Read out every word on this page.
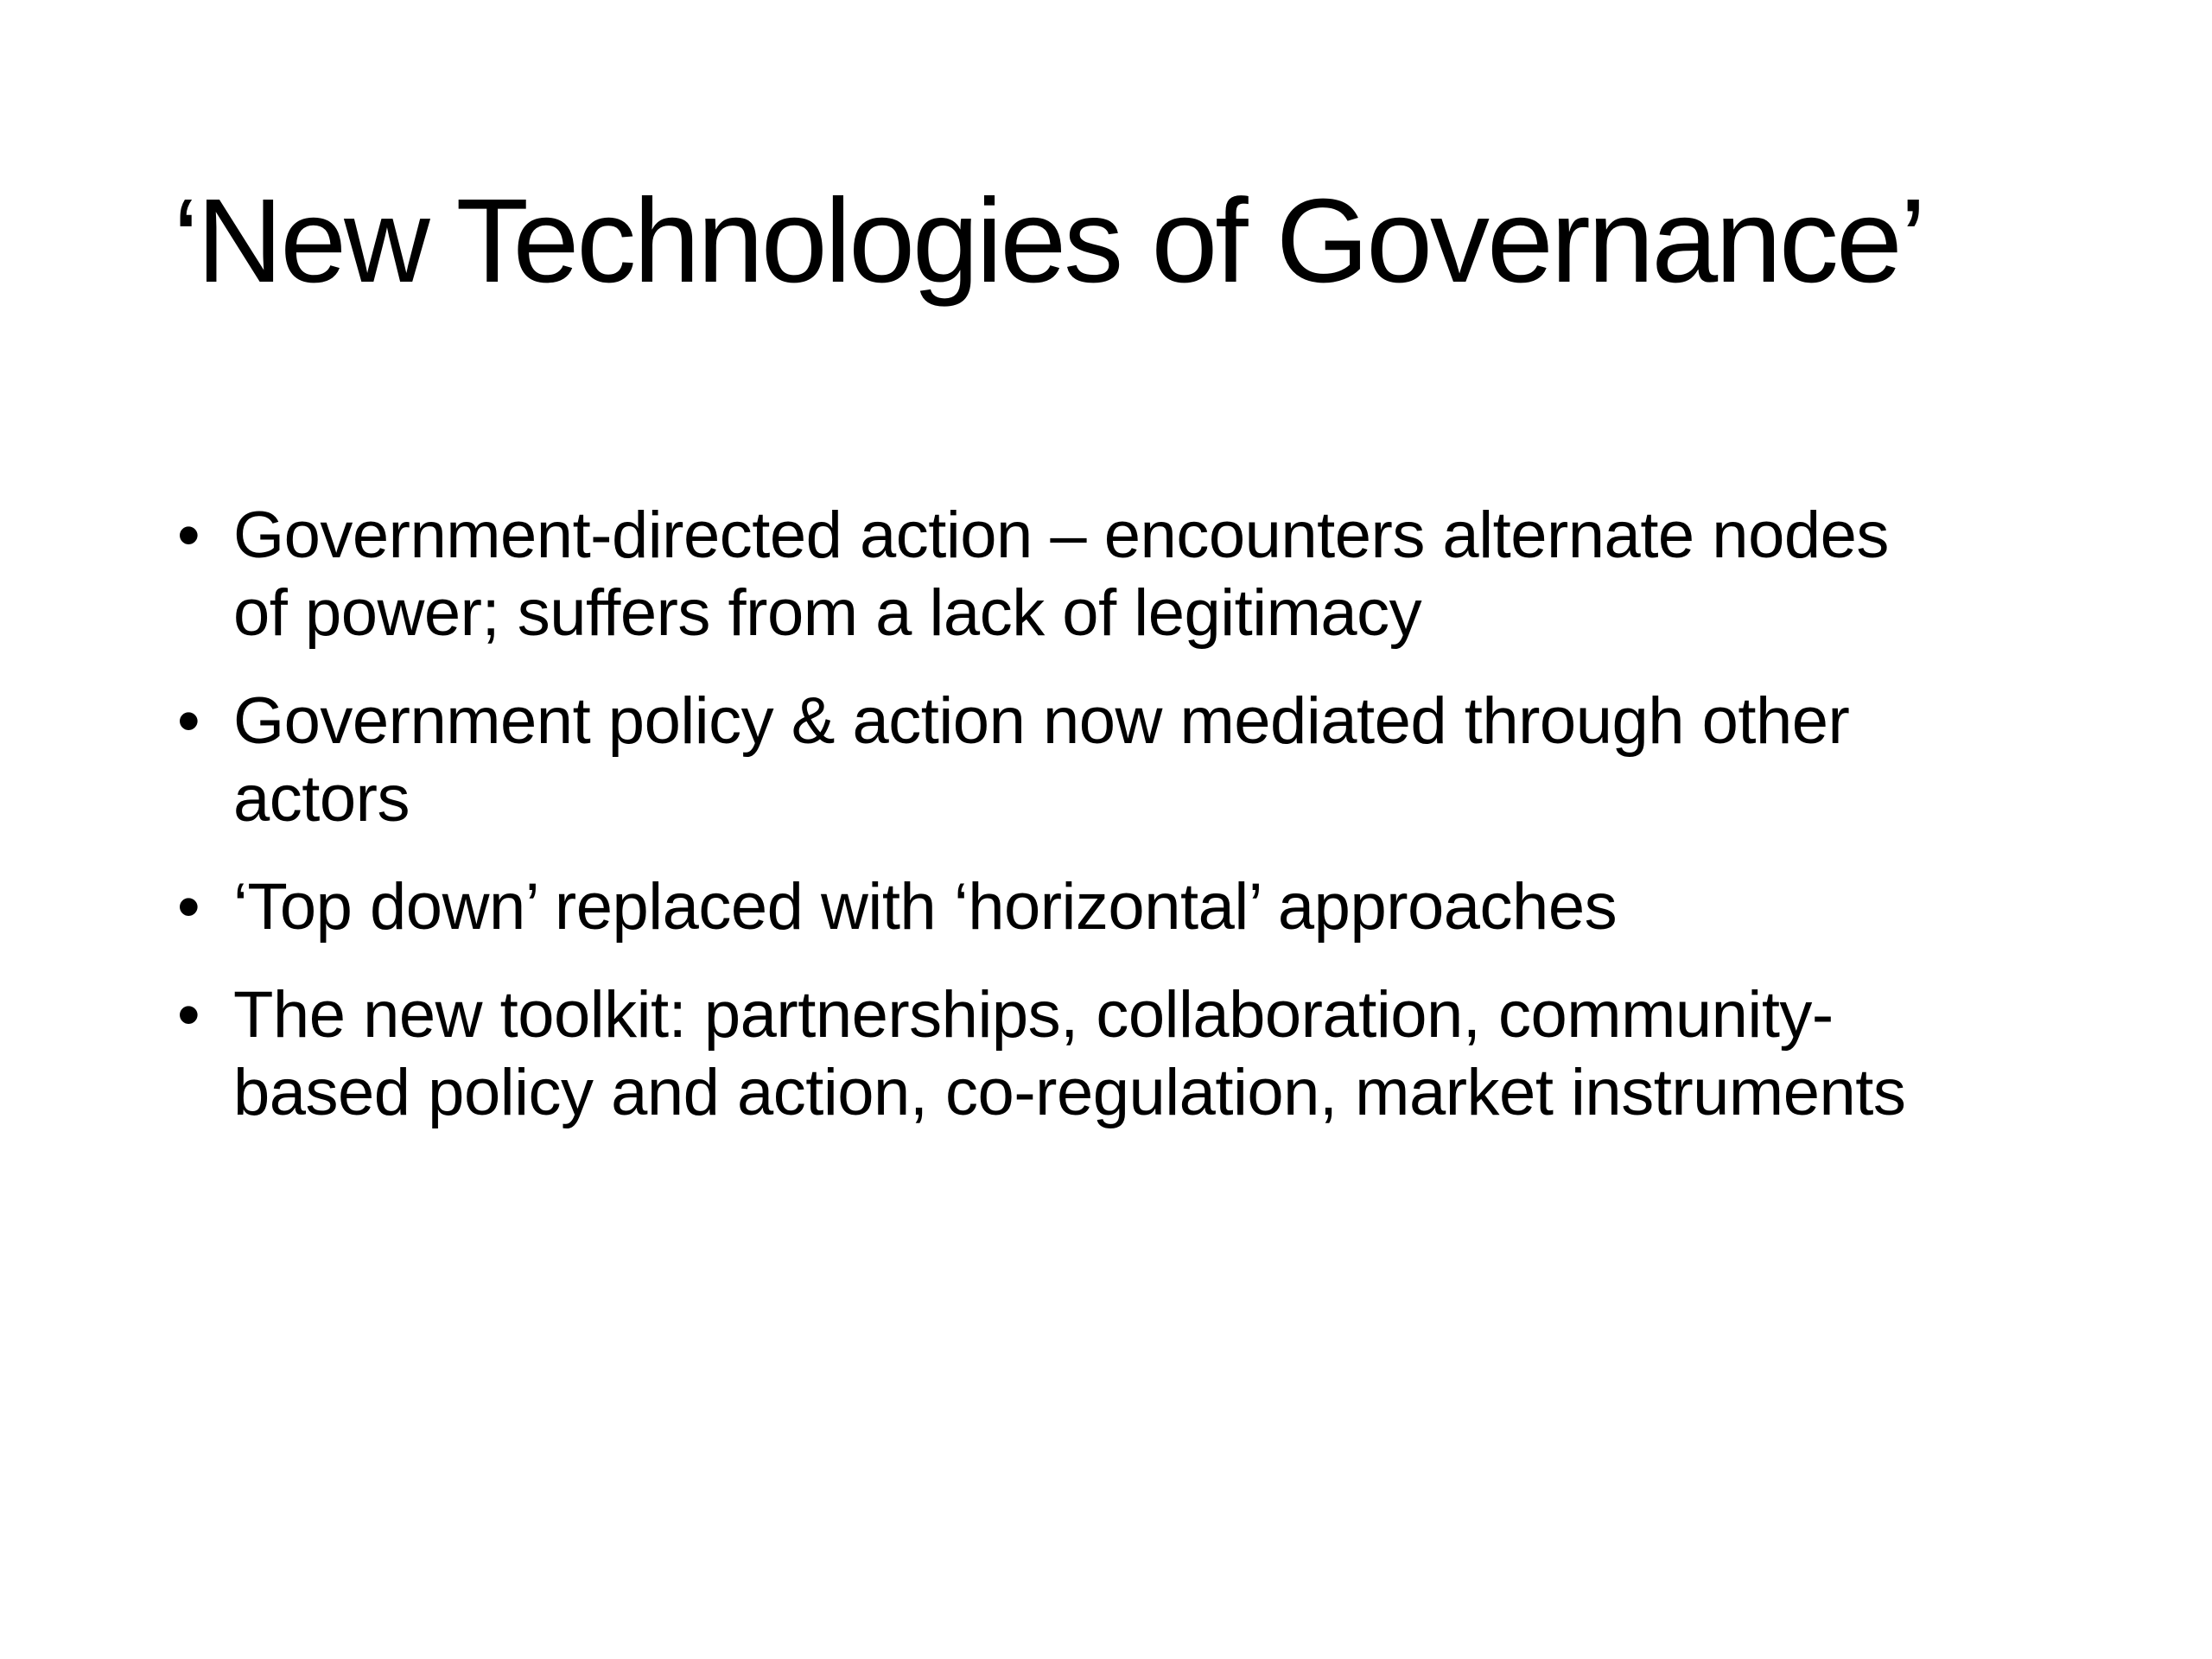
‘New Technologies of Governance’
• Government-directed action – encounters alternate nodes of power; suffers from a lack of legitimacy
• Government policy & action now mediated through other actors
• ‘Top down’ replaced with ‘horizontal’ approaches
• The new toolkit: partnerships, collaboration, community-based policy and action, co-regulation, market instruments
